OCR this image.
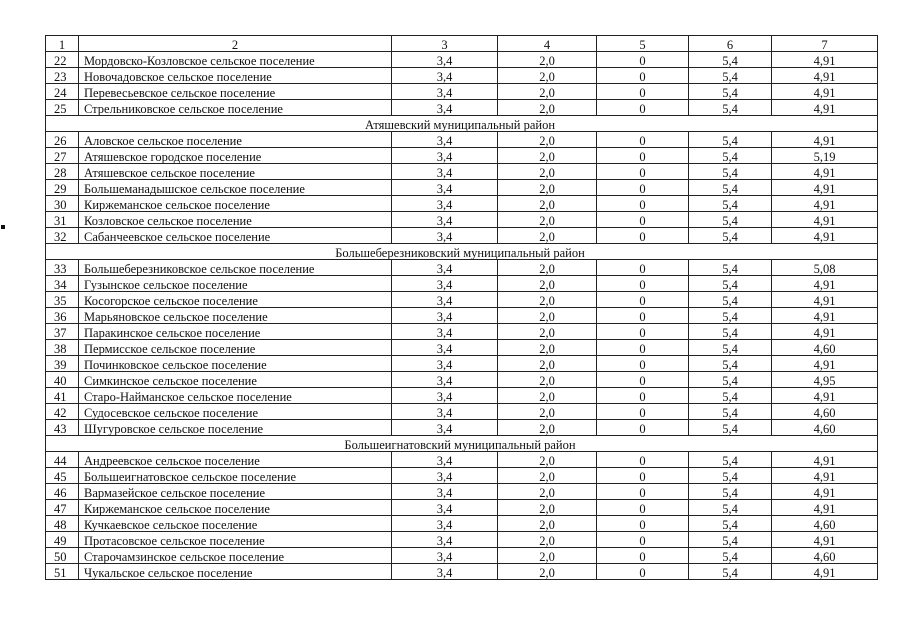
1	2	3	4	5	6	7
22	Мордовско-Козловское сельское поселение	3,4	2,0	0	5,4	4,91
23	Новочадовское сельское поселение	3,4	2,0	0	5,4	4,91
24	Перевесьевское сельское поселение	3,4	2,0	0	5,4	4,91
25	Стрельниковское сельское поселение	3,4	2,0	0	5,4	4,91
Атяшевский муниципальный район						
26	Аловское сельское поселение	3,4	2,0	0	5,4	4,91
27	Атяшевское городское поселение	3,4	2,0	0	5,4	5,19
28	Атяшевское сельское поселение	3,4	2,0	0	5,4	4,91
29	Большеманадышское сельское поселение	3,4	2,0	0	5,4	4,91
30	Киржеманское сельское поселение	3,4	2,0	0	5,4	4,91
31	Козловское сельское поселение	3,4	2,0	0	5,4	4,91
32	Сабанчеевское сельское поселение	3,4	2,0	0	5,4	4,91
Большеберезниковский муниципальный район						
33	Большеберезниковское сельское поселение	3,4	2,0	0	5,4	5,08
34	Гузынское сельское поселение	3,4	2,0	0	5,4	4,91
35	Косогорское сельское поселение	3,4	2,0	0	5,4	4,91
36	Марьяновское сельское поселение	3,4	2,0	0	5,4	4,91
37	Паракинское сельское поселение	3,4	2,0	0	5,4	4,91
38	Пермисское сельское поселение	3,4	2,0	0	5,4	4,60
39	Починковское сельское поселение	3,4	2,0	0	5,4	4,91
40	Симкинское сельское поселение	3,4	2,0	0	5,4	4,95
41	Старо-Найманское сельское поселение	3,4	2,0	0	5,4	4,91
42	Судосевское сельское поселение	3,4	2,0	0	5,4	4,60
43	Шугуровское сельское поселение	3,4	2,0	0	5,4	4,60
Большеигнатовский муниципальный район						
44	Андреевское сельское поселение	3,4	2,0	0	5,4	4,91
45	Большеигнатовское сельское поселение	3,4	2,0	0	5,4	4,91
46	Вармазейское сельское поселение	3,4	2,0	0	5,4	4,91
47	Киржеманское сельское поселение	3,4	2,0	0	5,4	4,91
48	Кучкаевское сельское поселение	3,4	2,0	0	5,4	4,60
49	Протасовское сельское поселение	3,4	2,0	0	5,4	4,91
50	Старочамзинское сельское поселение	3,4	2,0	0	5,4	4,60
51	Чукальское сельское поселение	3,4	2,0	0	5,4	4,91
